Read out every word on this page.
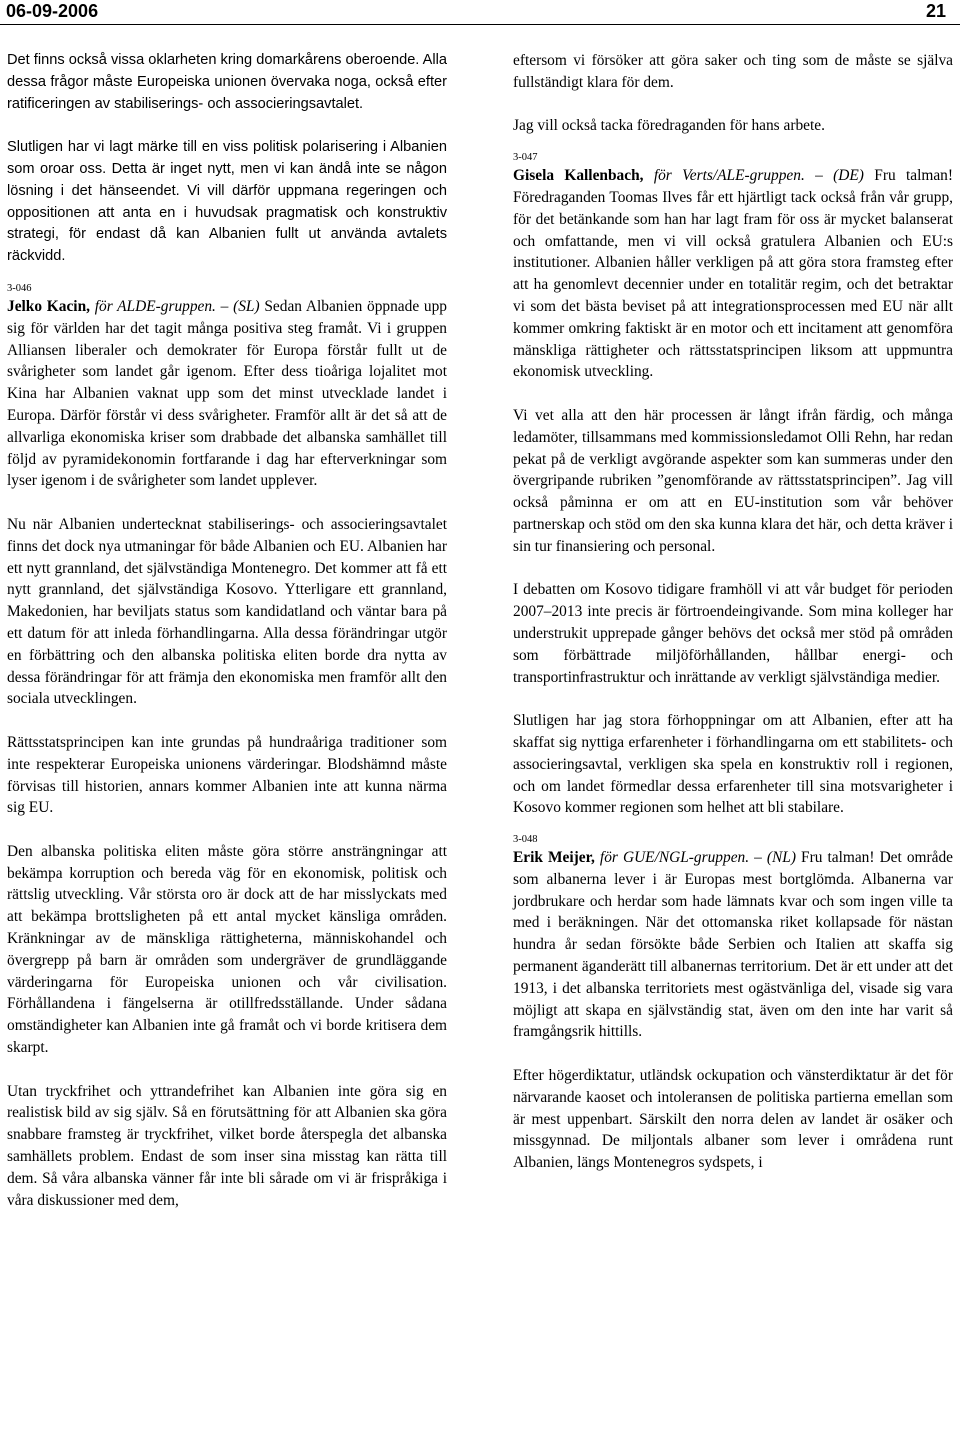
06-09-2006	21

Det finns också vissa oklarheten kring domarkårens oberoende. Alla dessa frågor måste Europeiska unionen övervaka noga, också efter ratificeringen av stabiliserings- och associeringsavtalet.

Slutligen har vi lagt märke till en viss politisk polarisering i Albanien som oroar oss. Detta är inget nytt, men vi kan ändå inte se någon lösning i det hänseendet. Vi vill därför uppmana regeringen och oppositionen att anta en i huvudsak pragmatisk och konstruktiv strategi, för endast då kan Albanien fullt ut använda avtalets räckvidd.

3-046

Jelko Kacin, för ALDE-gruppen. – (SL) Sedan Albanien öppnade upp sig för världen har det tagit många positiva steg framåt. Vi i gruppen Alliansen liberaler och demokrater för Europa förstår fullt ut de svårigheter som landet går igenom. Efter dess tioåriga lojalitet mot Kina har Albanien vaknat upp som det minst utvecklade landet i Europa. Därför förstår vi dess svårigheter. Framför allt är det så att de allvarliga ekonomiska kriser som drabbade det albanska samhället till följd av pyramidekonomin fortfarande i dag har efterverkningar som lyser igenom i de svårigheter som landet upplever.

Nu när Albanien undertecknat stabiliserings- och associeringsavtalet finns det dock nya utmaningar för både Albanien och EU. Albanien har ett nytt grannland, det självständiga Montenegro. Det kommer att få ett nytt grannland, det självständiga Kosovo. Ytterligare ett grannland, Makedonien, har beviljats status som kandidatland och väntar bara på ett datum för att inleda förhandlingarna. Alla dessa förändringar utgör en förbättring och den albanska politiska eliten borde dra nytta av dessa förändringar för att främja den ekonomiska men framför allt den sociala utvecklingen.

Rättsstatsprincipen kan inte grundas på hundraåriga traditioner som inte respekterar Europeiska unionens värderingar. Blodshämnd måste förvisas till historien, annars kommer Albanien inte att kunna närma sig EU.

Den albanska politiska eliten måste göra större ansträngningar att bekämpa korruption och bereda väg för en ekonomisk, politisk och rättslig utveckling. Vår största oro är dock att de har misslyckats med att bekämpa brottsligheten på ett antal mycket känsliga områden. Kränkningar av de mänskliga rättigheterna, människohandel och övergrepp på barn är områden som undergräver de grundläggande värderingarna för Europeiska unionen och vår civilisation. Förhållandena i fängelserna är otillfredsställande. Under sådana omständigheter kan Albanien inte gå framåt och vi borde kritisera dem skarpt.

Utan tryckfrihet och yttrandefrihet kan Albanien inte göra sig en realistisk bild av sig själv. Så en förutsättning för att Albanien ska göra snabbare framsteg är tryckfrihet, vilket borde återspegla det albanska samhällets problem. Endast de som inser sina misstag kan rätta till dem. Så våra albanska vänner får inte bli sårade om vi är frispråkiga i våra diskussioner med dem,

eftersom vi försöker att göra saker och ting som de måste se själva fullständigt klara för dem.

Jag vill också tacka föredraganden för hans arbete.

3-047

Gisela Kallenbach, för Verts/ALE-gruppen. – (DE) Fru talman! Föredraganden Toomas Ilves får ett hjärtligt tack också från vår grupp, för det betänkande som han har lagt fram för oss är mycket balanserat och omfattande, men vi vill också gratulera Albanien och EU:s institutioner. Albanien håller verkligen på att göra stora framsteg efter att ha genomlevt decennier under en totalitär regim, och det betraktar vi som det bästa beviset på att integrationsprocessen med EU när allt kommer omkring faktiskt är en motor och ett incitament att genomföra mänskliga rättigheter och rättsstatsprincipen liksom att uppmuntra ekonomisk utveckling.

Vi vet alla att den här processen är långt ifrån färdig, och många ledamöter, tillsammans med kommissionsledamot Olli Rehn, har redan pekat på de verkligt avgörande aspekter som kan summeras under den övergripande rubriken ”genomförande av rättsstatsprincipen”. Jag vill också påminna er om att en EU-institution som vår behöver partnerskap och stöd om den ska kunna klara det här, och detta kräver i sin tur finansiering och personal.

I debatten om Kosovo tidigare framhöll vi att vår budget för perioden 2007–2013 inte precis är förtroendeingivande. Som mina kolleger har understrukit upprepade gånger behövs det också mer stöd på områden som förbättrade miljöförhållanden, hållbar energi- och transportinfrastruktur och inrättande av verkligt självständiga medier.

Slutligen har jag stora förhoppningar om att Albanien, efter att ha skaffat sig nyttiga erfarenheter i förhandlingarna om ett stabilitets- och associeringsavtal, verkligen ska spela en konstruktiv roll i regionen, och om landet förmedlar dessa erfarenheter till sina motsvarigheter i Kosovo kommer regionen som helhet att bli stabilare.

3-048

Erik Meijer, för GUE/NGL-gruppen. – (NL) Fru talman! Det område som albanerna lever i är Europas mest bortglömda. Albanerna var jordbrukare och herdar som hade lämnats kvar och som ingen ville ta med i beräkningen. När det ottomanska riket kollapsade för nästan hundra år sedan försökte både Serbien och Italien att skaffa sig permanent äganderätt till albanernas territorium. Det är ett under att det 1913, i det albanska territoriets mest ogästvänliga del, visade sig vara möjligt att skapa en självständig stat, även om den inte har varit så framgångsrik hittills.

Efter högerdiktatur, utländsk ockupation och vänsterdiktatur är det för närvarande kaoset och intoleransen de politiska partierna emellan som är mest uppenbart. Särskilt den norra delen av landet är osäker och missgynnad. De miljontals albaner som lever i områdena runt Albanien, längs Montenegros sydspets, i
